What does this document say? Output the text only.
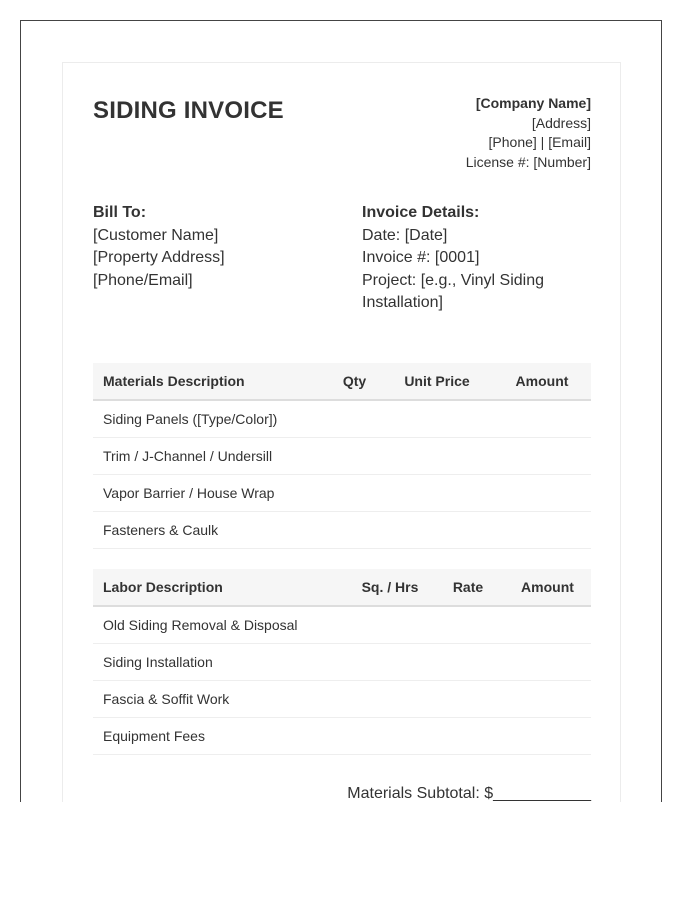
SIDING INVOICE	[Company Name]
[Address]
[Phone] | [Email]
License #: [Number]
Bill To:
[Customer Name]
[Property Address]
[Phone/Email]
Invoice Details:
Date: [Date]
Invoice #: [0001]
Project: [e.g., Vinyl Siding Installation]
Materials Description	Qty	Unit Price	Amount
Siding Panels ([Type/Color])			
Trim / J-Channel / Undersill			
Vapor Barrier / House Wrap			
Fasteners & Caulk			
Labor Description	Sq. / Hrs	Rate	Amount
Old Siding Removal & Disposal			
Siding Installation			
Fascia & Soffit Work			
Equipment Fees			
Materials Subtotal: $___________
